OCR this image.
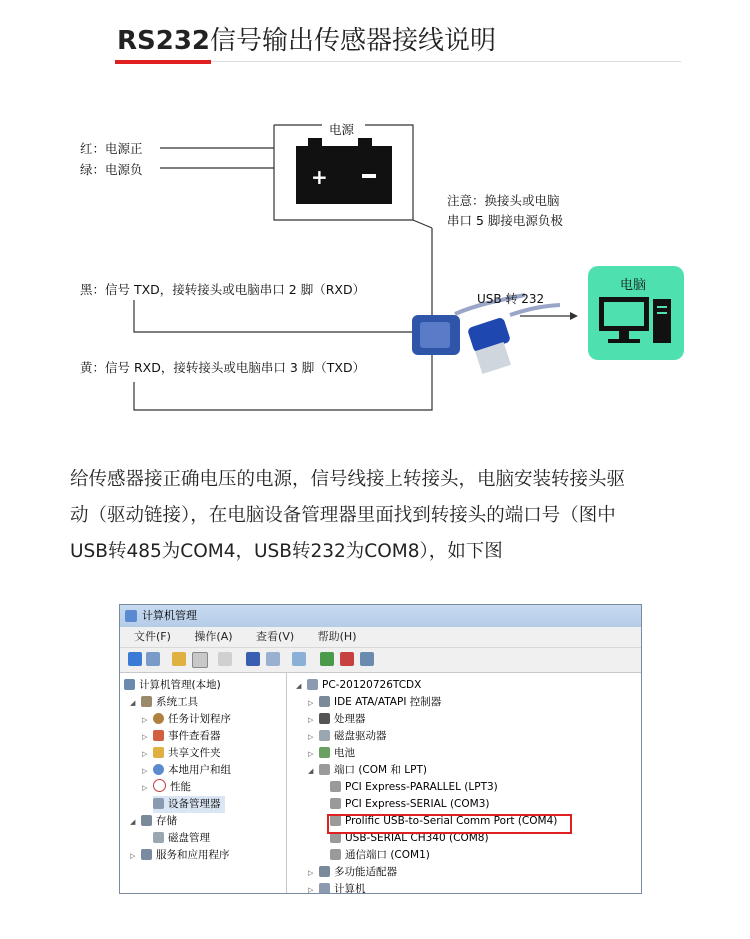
RS232信号输出传感器接线说明
+
电源
红：电源正
绿：电源负
注意：换接头或电脑
串口 5 脚接电源负极
黑：信号 TXD，接转接头或电脑串口 2 脚（RXD）
USB 转 232
黄：信号 RXD，接转接头或电脑串口 3 脚（TXD）
电脑
给传感器接正确电压的电源，信号线接上转接头，电脑安装转接头驱
动（驱动链接），在电脑设备管理器里面找到转接头的端口号（图中
USB转485为COM4，USB转232为COM8），如下图
计算机管理
文件(F) 操作(A) 查看(V) 帮助(H)
计算机管理(本地)
◢ 系统工具
▷ 任务计划程序
▷ 事件查看器
▷ 共享文件夹
▷ 本地用户和组
▷ 性能
设备管理器
◢ 存储
磁盘管理
▷ 服务和应用程序
◢ PC-20120726TCDX
▷ IDE ATA/ATAPI 控制器
▷ 处理器
▷ 磁盘驱动器
▷ 电池
◢ 端口 (COM 和 LPT)
PCI Express-PARALLEL (LPT3)
PCI Express-SERIAL (COM3)
Prolific USB-to-Serial Comm Port (COM4)
USB-SERIAL CH340 (COM8)
通信端口 (COM1)
▷ 多功能适配器
▷ 计算机
